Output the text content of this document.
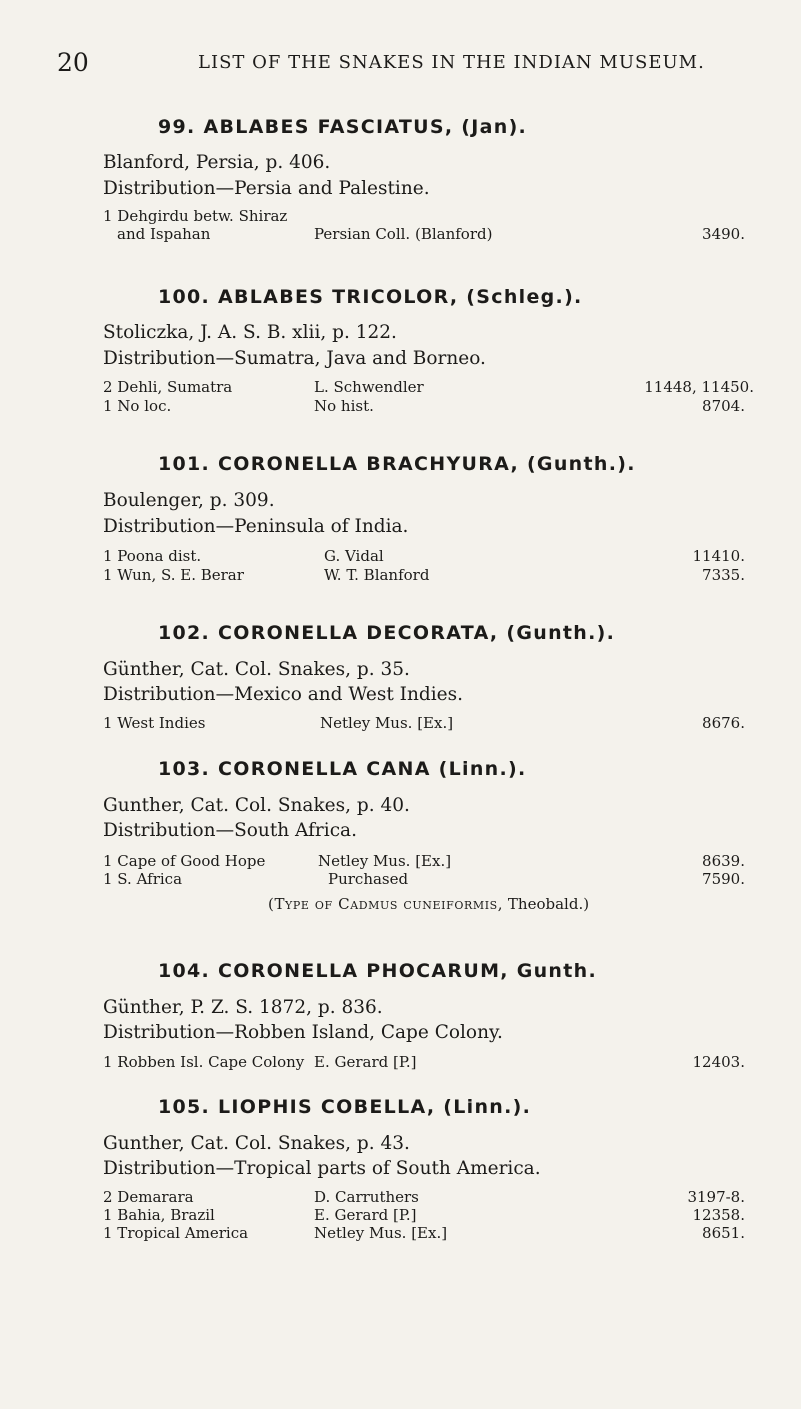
20	LIST OF THE SNAKES IN THE INDIAN MUSEUM.
99. ABLABES FASCIATUS, (Jan).
Blanford, Persia, p. 406.
Distribution—Persia and Palestine.
1 Dehgirdu betw. Shiraz
and Ispahan	Persian Coll. (Blanford)	3490.
100. ABLABES TRICOLOR, (Schleg.).
Stoliczka, J. A. S. B. xlii, p. 122.
Distribution—Sumatra, Java and Borneo.
2 Dehli, Sumatra	L. Schwendler	11448, 11450.
1 No loc.	No hist.	8704.
101. CORONELLA BRACHYURA, (Gunth.).
Boulenger, p. 309.
Distribution—Peninsula of India.
1 Poona dist.	G. Vidal	11410.
1 Wun, S. E. Berar	W. T. Blanford	7335.
102. CORONELLA DECORATA, (Gunth.).
Günther, Cat. Col. Snakes, p. 35.
Distribution—Mexico and West Indies.
1 West Indies	Netley Mus. [Ex.]	8676.
103. CORONELLA CANA (Linn.).
Gunther, Cat. Col. Snakes, p. 40.
Distribution—South Africa.
1 Cape of Good Hope	Netley Mus. [Ex.]	8639.
1 S. Africa	Purchased	7590.
(Type of Cadmus cuneiformis, Theobald.)
104. CORONELLA PHOCARUM, Gunth.
Günther, P. Z. S. 1872, p. 836.
Distribution—Robben Island, Cape Colony.
1 Robben Isl. Cape Colony E. Gerard [P.]	12403.
105. LIOPHIS COBELLA, (Linn.).
Gunther, Cat. Col. Snakes, p. 43.
Distribution—Tropical parts of South America.
2 Demarara	D. Carruthers	3197-8.
1 Bahia, Brazil	E. Gerard [P.]	12358.
1 Tropical America	Netley Mus. [Ex.]	8651.
